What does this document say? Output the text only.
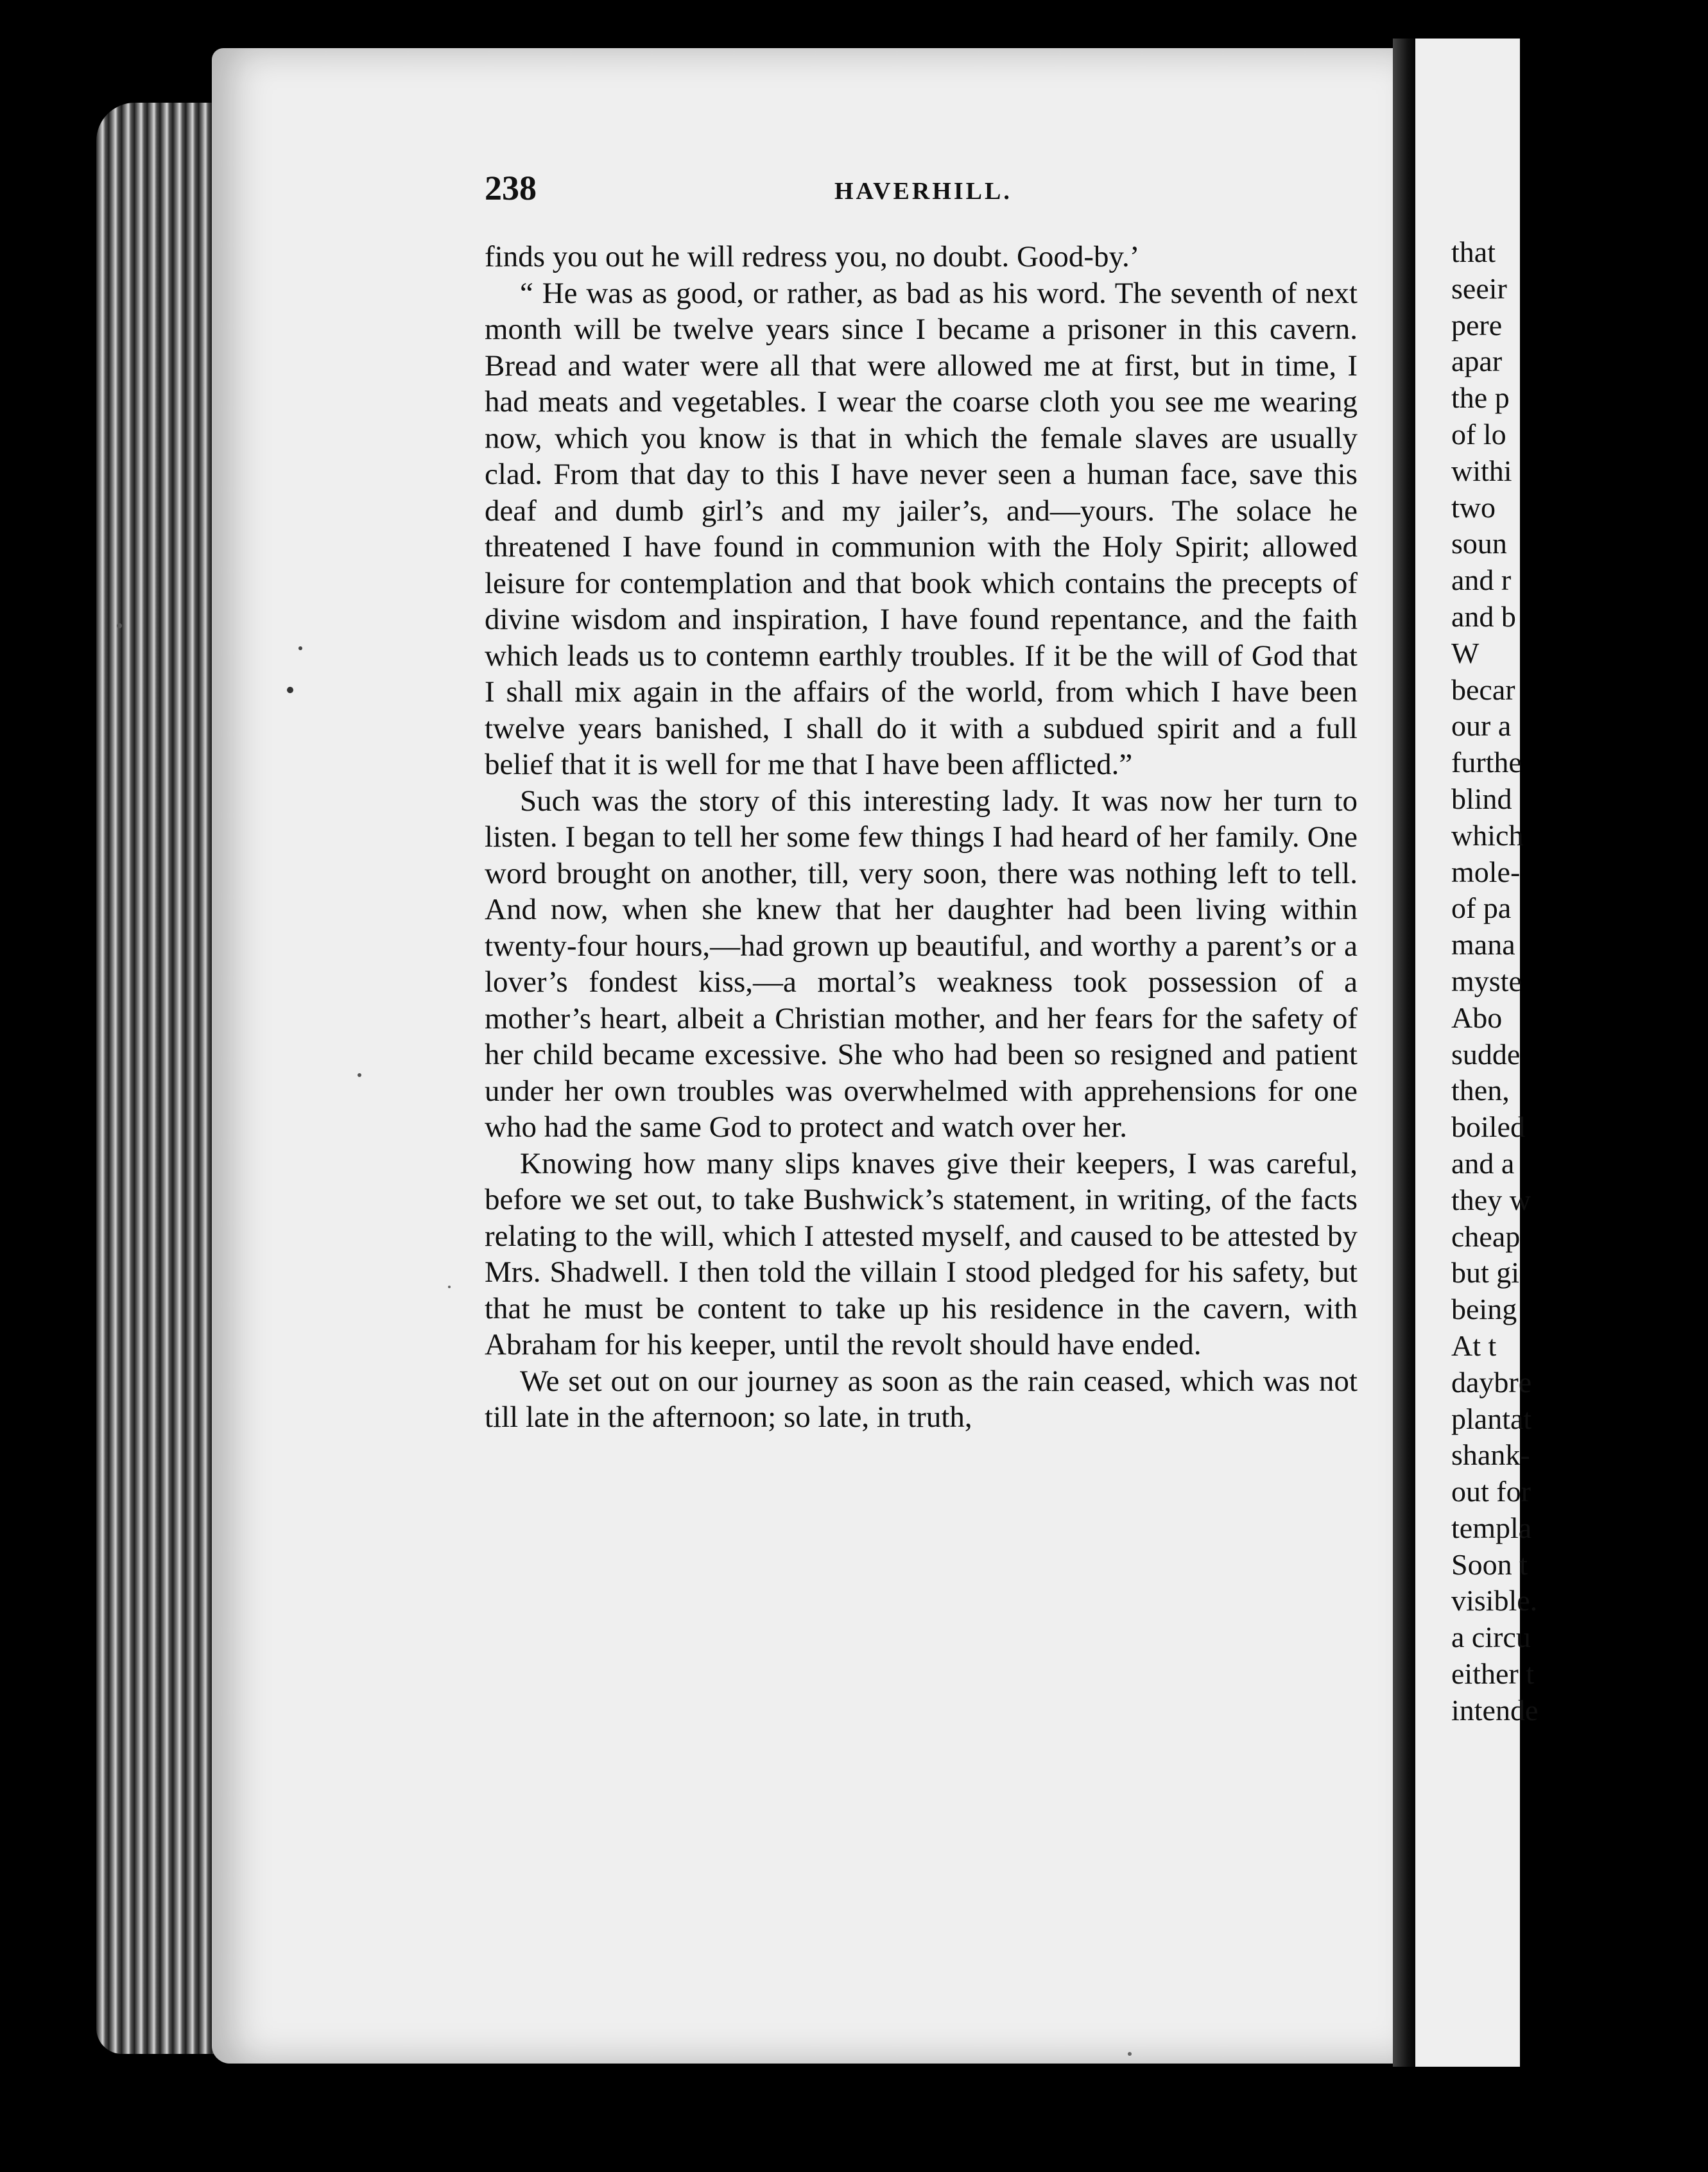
that
seeir
pere
apar
the p
of lo
withi
two
soun
and r
and b
W
becar
our a
furthe
blind
which
mole-
of pa
mana
myste
Abo
sudde
then,
boiled
and a
they w
cheap
but gi
being
At t
daybre
plantat
shank-
out for
templa
Soon t
visible.
a circu
either t
intende
238	HAVERHILL.

finds you out he will redress you, no doubt. Good-by.’

“ He was as good, or rather, as bad as his word. The seventh of next month will be twelve years since I became a prisoner in this cavern. Bread and water were all that were allowed me at first, but in time, I had meats and vegetables. I wear the coarse cloth you see me wearing now, which you know is that in which the female slaves are usually clad. From that day to this I have never seen a human face, save this deaf and dumb girl’s and my jailer’s, and—yours. The solace he threatened I have found in communion with the Holy Spirit; allowed leisure for contemplation and that book which contains the precepts of divine wisdom and inspiration, I have found repentance, and the faith which leads us to contemn earthly troubles. If it be the will of God that I shall mix again in the affairs of the world, from which I have been twelve years banished, I shall do it with a subdued spirit and a full belief that it is well for me that I have been afflicted.”

Such was the story of this interesting lady. It was now her turn to listen. I began to tell her some few things I had heard of her family. One word brought on another, till, very soon, there was nothing left to tell. And now, when she knew that her daughter had been living within twenty-four hours,—had grown up beautiful, and worthy a parent’s or a lover’s fondest kiss,—a mortal’s weakness took possession of a mother’s heart, albeit a Christian mother, and her fears for the safety of her child became excessive. She who had been so resigned and patient under her own troubles was overwhelmed with apprehensions for one who had the same God to protect and watch over her.

Knowing how many slips knaves give their keepers, I was careful, before we set out, to take Bushwick’s statement, in writing, of the facts relating to the will, which I attested myself, and caused to be attested by Mrs. Shadwell. I then told the villain I stood pledged for his safety, but that he must be content to take up his residence in the cavern, with Abraham for his keeper, until the revolt should have ended.

We set out on our journey as soon as the rain ceased, which was not till late in the afternoon; so late, in truth,
